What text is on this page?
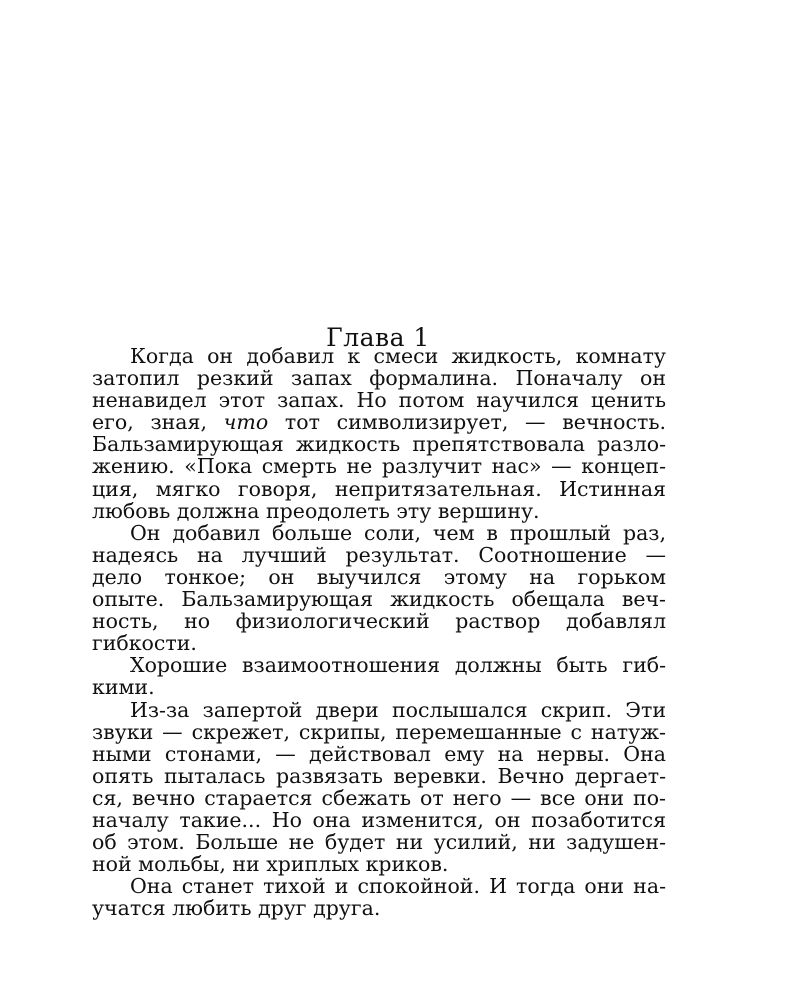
Глава 1
Когда он добавил к смеси жидкость, комнату
затопил резкий запах формалина. Поначалу он
ненавидел этот запах. Но потом научился ценить
его, зная, что тот символизирует, — вечность.
Бальзамирующая жидкость препятствовала разло-
жению. «Пока смерть не разлучит нас» — концеп-
ция, мягко говоря, непритязательная. Истинная
любовь должна преодолеть эту вершину.
Он добавил больше соли, чем в прошлый раз,
надеясь на лучший результат. Соотношение —
дело тонкое; он выучился этому на горьком
опыте. Бальзамирующая жидкость обещала веч-
ность, но физиологический раствор добавлял
гибкости.
Хорошие взаимоотношения должны быть гиб-
кими.
Из-за запертой двери послышался скрип. Эти
звуки — скрежет, скрипы, перемешанные с натуж-
ными стонами, — действовал ему на нервы. Она
опять пыталась развязать веревки. Вечно дергает-
ся, вечно старается сбежать от него — все они по-
началу такие... Но она изменится, он позаботится
об этом. Больше не будет ни усилий, ни задушен-
ной мольбы, ни хриплых криков.
Она станет тихой и спокойной. И тогда они на-
учатся любить друг друга.
